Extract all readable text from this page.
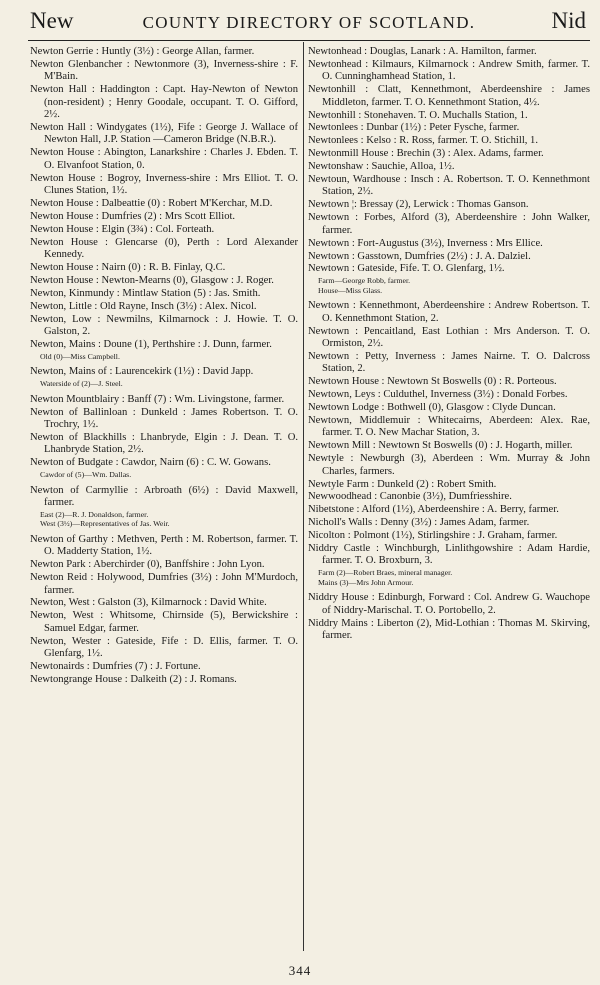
New	COUNTY DIRECTORY OF SCOTLAND.	Nid
Newton Gerrie : Huntly (3½) : George Allan, farmer.
Newton Glenbancher : Newtonmore (3), Inverness-shire : F. M'Bain.
Newton Hall : Haddington : Capt. Hay-Newton of Newton (non-resident) ; Henry Goodale, occupant. T. O. Gifford, 2½.
Newton Hall : Windygates (1½), Fife : George J. Wallace of Newton Hall, J.P. Station —Cameron Bridge (N.B.R.).
Newton House : Abington, Lanarkshire : Charles J. Ebden. T. O. Elvanfoot Station, 0.
Newton House : Bogroy, Inverness-shire : Mrs Elliot. T. O. Clunes Station, 1½.
Newton House : Dalbeattie (0) : Robert M'Kerchar, M.D.
Newton House : Dumfries (2) : Mrs Scott Elliot.
Newton House : Elgin (3¾) : Col. Forteath.
Newton House : Glencarse (0), Perth : Lord Alexander Kennedy.
Newton House : Nairn (0) : R. B. Finlay, Q.C.
Newton House : Newton-Mearns (0), Glasgow : J. Roger.
Newton, Kinmundy : Mintlaw Station (5) : Jas. Smith.
Newton, Little : Old Rayne, Insch (3½) : Alex. Nicol.
Newton, Low : Newmilns, Kilmarnock : J. Howie. T. O. Galston, 2.
Newton, Mains : Doune (1), Perthshire : J. Dunn, farmer.
Old (0)—Miss Campbell.
Newton, Mains of : Laurencekirk (1½) : David Japp.
Waterside of (2)—J. Steel.
Newton Mountblairy : Banff (7) : Wm. Livingstone, farmer.
Newton of Ballinloan : Dunkeld : James Robertson. T. O. Trochry, 1½.
Newton of Blackhills : Lhanbryde, Elgin : J. Dean. T. O. Lhanbryde Station, 2½.
Newton of Budgate : Cawdor, Nairn (6) : C. W. Gowans.
Cawdor of (5)—Wm. Dallas.
Newton of Carmyllie : Arbroath (6½) : David Maxwell, farmer.
East (2)—R. J. Donaldson, farmer.
West (3½)—Representatives of Jas. Weir.
Newton of Garthy : Methven, Perth : M. Robertson, farmer. T. O. Madderty Station, 1½.
Newton Park : Aberchirder (0), Banffshire : John Lyon.
Newton Reid : Holywood, Dumfries (3½) : John M'Murdoch, farmer.
Newton, West : Galston (3), Kilmarnock : David White.
Newton, West : Whitsome, Chirnside (5), Berwickshire : Samuel Edgar, farmer.
Newton, Wester : Gateside, Fife : D. Ellis, farmer. T. O. Glenfarg, 1½.
Newtonairds : Dumfries (7) : J. Fortune.
Newtongrange House : Dalkeith (2) : J. Romans.
Newtonhead : Douglas, Lanark : A. Hamilton, farmer.
Newtonhead : Kilmaurs, Kilmarnock : Andrew Smith, farmer. T. O. Cunninghamhead Station, 1.
Newtonhill : Clatt, Kennethmont, Aberdeenshire : James Middleton, farmer. T. O. Kennethmont Station, 4½.
Newtonhill : Stonehaven. T. O. Muchalls Station, 1.
Newtonlees : Dunbar (1½) : Peter Fysche, farmer.
Newtonlees : Kelso : R. Ross, farmer. T. O. Stichill, 1.
Newtonmill House : Brechin (3) : Alex. Adams, farmer.
Newtonshaw : Sauchie, Alloa, 1½.
Newtoun, Wardhouse : Insch : A. Robertson. T. O. Kennethmont Station, 2½.
Newtown ¦: Bressay (2), Lerwick : Thomas Ganson.
Newtown : Forbes, Alford (3), Aberdeenshire : John Walker, farmer.
Newtown : Fort-Augustus (3½), Inverness : Mrs Ellice.
Newtown : Gasstown, Dumfries (2½) : J. A. Dalziel.
Newtown : Gateside, Fife. T. O. Glenfarg, 1½.
Farm—George Robb, farmer.
House—Miss Glass.
Newtown : Kennethmont, Aberdeenshire : Andrew Robertson. T. O. Kennethmont Station, 2.
Newtown : Pencaitland, East Lothian : Mrs Anderson. T. O. Ormiston, 2½.
Newtown : Petty, Inverness : James Nairne. T. O. Dalcross Station, 2.
Newtown House : Newtown St Boswells (0) : R. Porteous.
Newtown, Leys : Culduthel, Inverness (3½) : Donald Forbes.
Newtown Lodge : Bothwell (0), Glasgow : Clyde Duncan.
Newtown, Middlemuir : Whitecairns, Aberdeen: Alex. Rae, farmer. T. O. New Machar Station, 3.
Newtown Mill : Newtown St Boswells (0) : J. Hogarth, miller.
Newtyle : Newburgh (3), Aberdeen : Wm. Murray & John Charles, farmers.
Newtyle Farm : Dunkeld (2) : Robert Smith.
Newwoodhead : Canonbie (3½), Dumfriesshire.
Nibetstone : Alford (1½), Aberdeenshire : A. Berry, farmer.
Nicholl's Walls : Denny (3½) : James Adam, farmer.
Nicolton : Polmont (1½), Stirlingshire : J. Graham, farmer.
Niddry Castle : Winchburgh, Linlithgowshire : Adam Hardie, farmer. T. O. Broxburn, 3.
Farm (2)—Robert Braes, mineral manager.
Mains (3)—Mrs John Armour.
Niddry House : Edinburgh, Forward : Col. Andrew G. Wauchope of Niddry-Marischal. T. O. Portobello, 2.
Niddry Mains : Liberton (2), Mid-Lothian : Thomas M. Skirving, farmer.
344
